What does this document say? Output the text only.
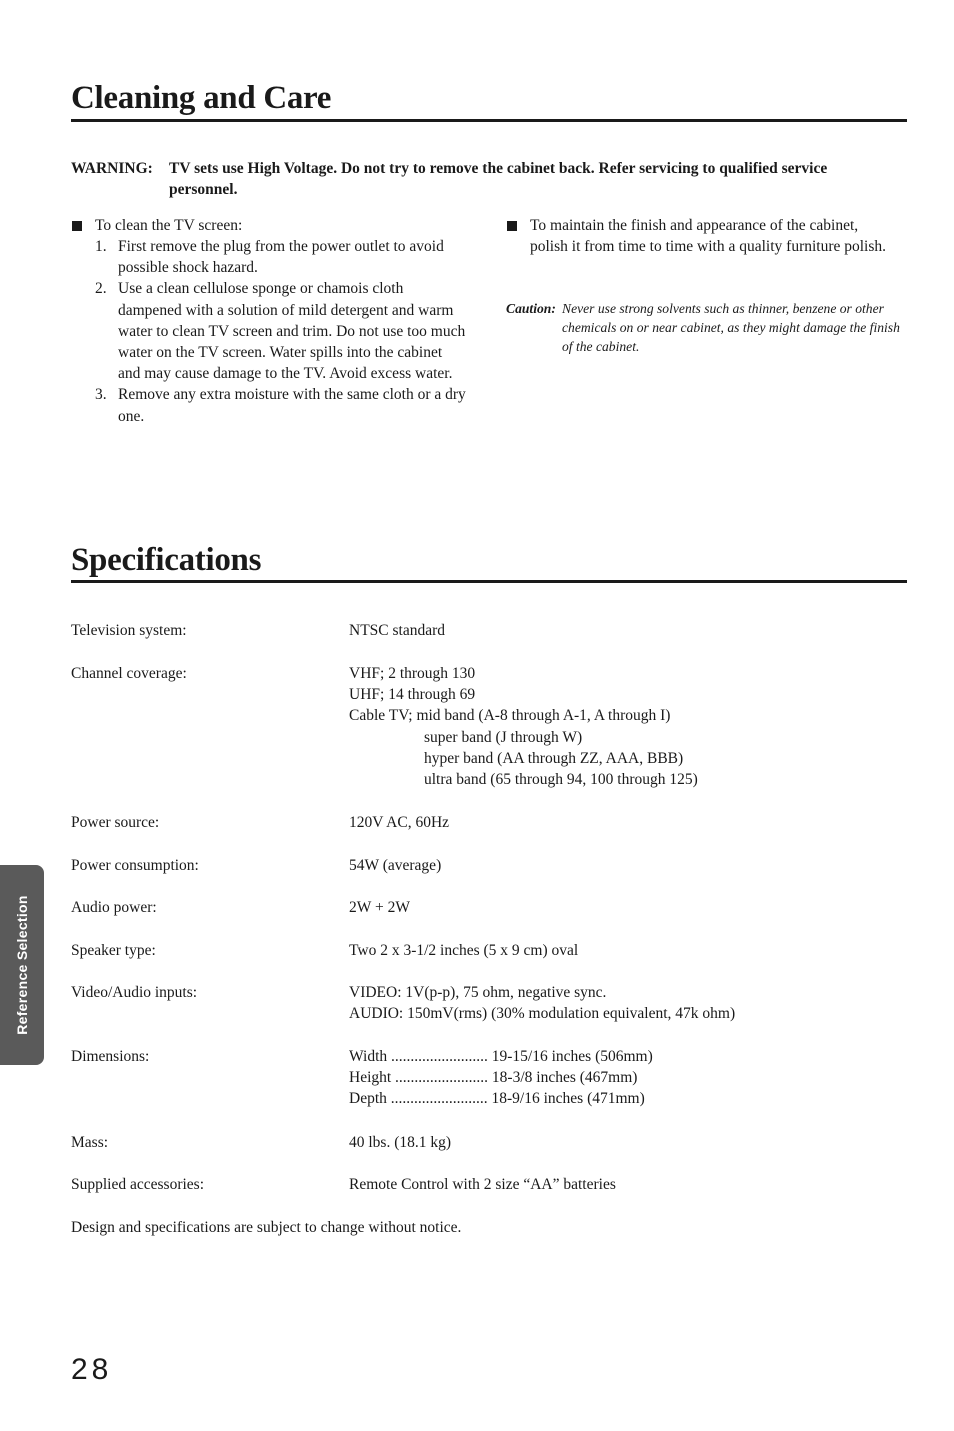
Cleaning and Care
WARNING: TV sets use High Voltage. Do not try to remove the cabinet back. Refer servicing to qualified service personnel.
To clean the TV screen:
1. First remove the plug from the power outlet to avoid possible shock hazard.
2. Use a clean cellulose sponge or chamois cloth dampened with a solution of mild detergent and warm water to clean TV screen and trim. Do not use too much water on the TV screen. Water spills into the cabinet and may cause damage to the TV. Avoid excess water.
3. Remove any extra moisture with the same cloth or a dry one.
To maintain the finish and appearance of the cabinet, polish it from time to time with a quality furniture polish.
Caution: Never use strong solvents such as thinner, benzene or other chemicals on or near cabinet, as they might damage the finish of the cabinet.
Specifications
Television system:	NTSC standard
Channel coverage:	VHF; 2 through 130
UHF; 14 through 69
Cable TV; mid band (A-8 through A-1, A through I)
super band (J through W)
hyper band (AA through ZZ, AAA, BBB)
ultra band (65 through 94, 100 through 125)
Power source:	120V AC, 60Hz
Power consumption:	54W (average)
Audio power:	2W + 2W
Speaker type:	Two 2 x 3-1/2 inches (5 x 9 cm) oval
Video/Audio inputs:	VIDEO: 1V(p-p), 75 ohm, negative sync.
AUDIO: 150mV(rms) (30% modulation equivalent, 47k ohm)
Dimensions:	Width ......................... 19-15/16 inches (506mm)
Height ........................ 18-3/8 inches (467mm)
Depth ......................... 18-9/16 inches (471mm)
Mass:	40 lbs. (18.1 kg)
Supplied accessories:	Remote Control with 2 size “AA” batteries
Design and specifications are subject to change without notice.
Reference Selection
28
